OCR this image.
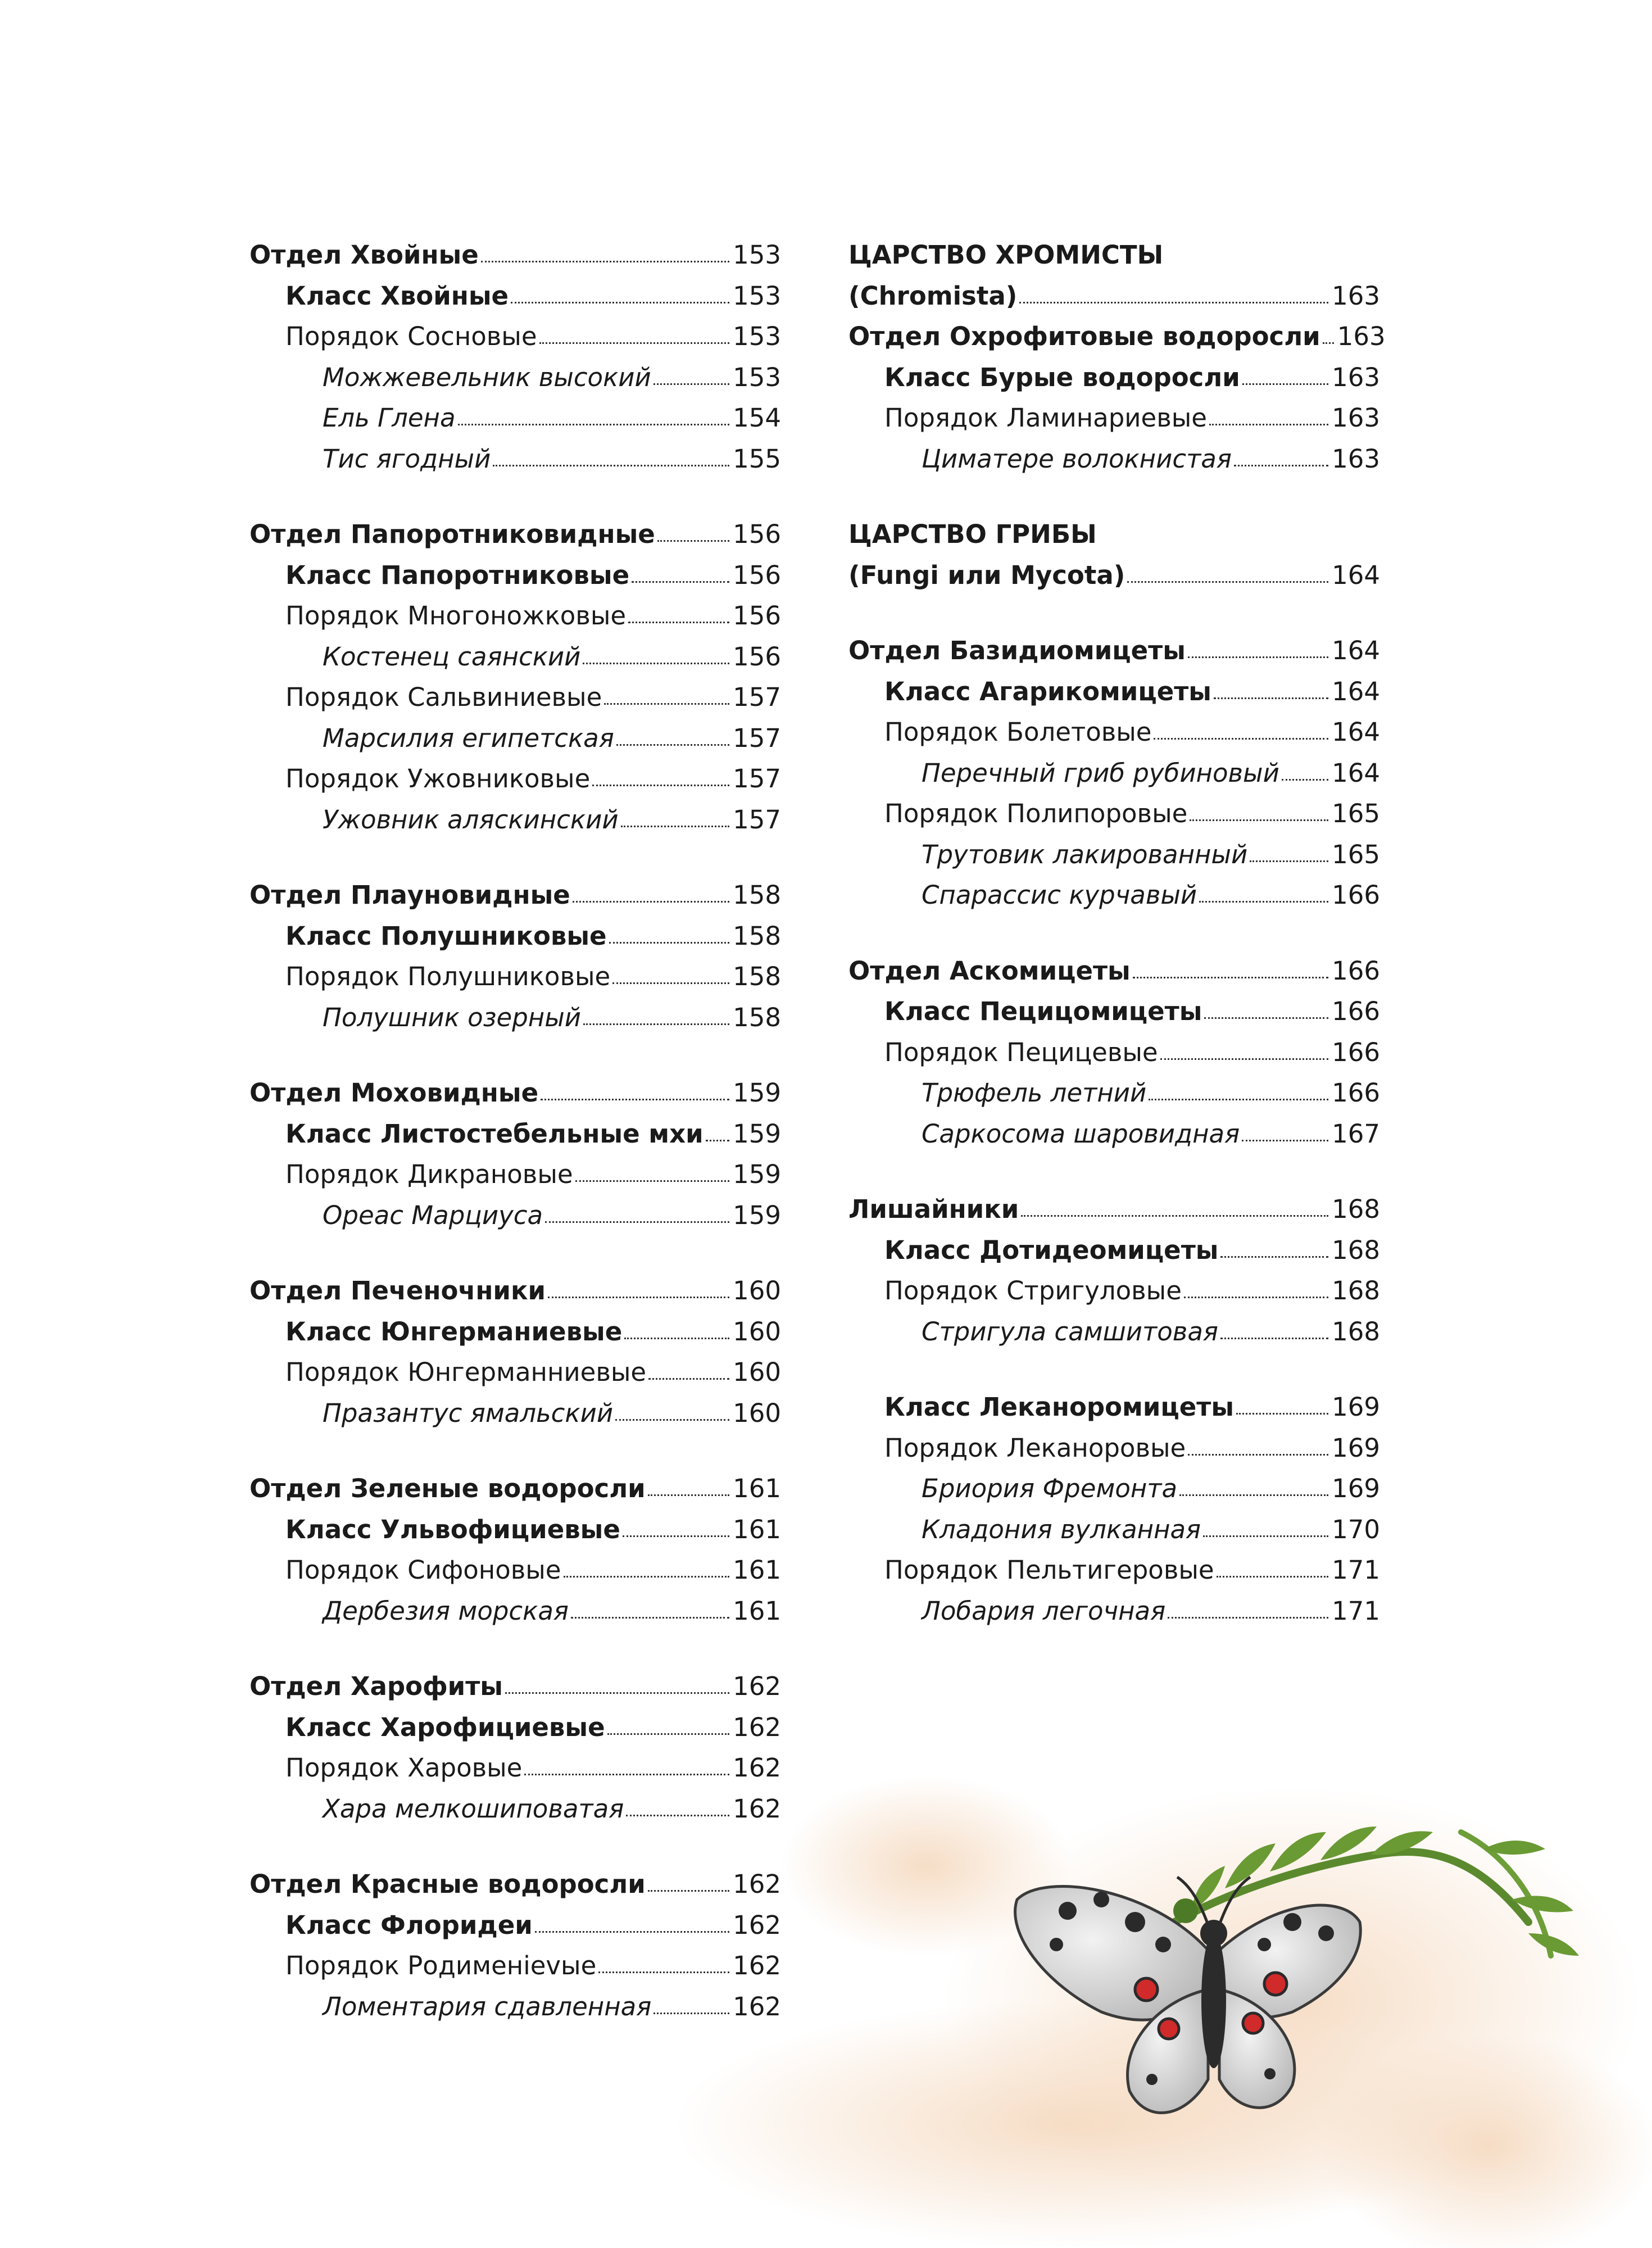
Отдел Хвойные	153
Класс Хвойные	153
Порядок Сосновые	153
Можжевельник высокий	153
Ель Глена	154
Тис ягодный	155
Отдел Папоротниковидные	156
Класс Папоротниковые	156
Порядок Многоножковые	156
Костенец саянский	156
Порядок Сальвиниевые	157
Марсилия египетская	157
Порядок Ужовниковые	157
Ужовник аляскинский	157
Отдел Плауновидные	158
Класс Полушниковые	158
Порядок Полушниковые	158
Полушник озерный	158
Отдел Моховидные	159
Класс Листостебельные мхи 159
Порядок Дикрановые	159
Ореас Марциуса	159
Отдел Печеночники	160
Класс Юнгерманиевые	160
Порядок Юнгерманниевые	160
Празантус ямальский	160
Отдел Зеленые водоросли	161
Класс Ульвофициевые	161
Порядок Сифоновые	161
Дербезия морская	161
Отдел Харофиты	162
Класс Харофициевые	162
Порядок Харовые	162
Хара мелкошиповатая	162
Отдел Красные водоросли	162
Класс Флоридеи	162
Порядок Родименievые	162
Ломентария сдавленная	162
ЦАРСТВО ХРОМИСТЫ
(Chromista)	163
Отдел Охрофитовые водоросли 163
Класс Бурые водоросли	163
Порядок Ламинариевые	163
Циматере волокнистая	163
ЦАРСТВО ГРИБЫ
(Fungi или Mycota)	164
Отдел Базидиомицеты	164
Класс Агарикомицеты	164
Порядок Болетовые	164
Перечный гриб рубиновый 164
Порядок Полипоровые	165
Трутовик лакированный	165
Спарассис курчавый	166
Отдел Аскомицеты	166
Класс Пецицомицеты	166
Порядок Пецицевые	166
Трюфель летний	166
Саркосома шаровидная	167
Лишайники	168
Класс Дотидеомицеты	168
Порядок Стригуловые	168
Стригула самшитовая	168
Класс Леканоромицеты	169
Порядок Леканоровые	169
Бриория Фремонта	169
Кладония вулканная	170
Порядок Пельтигеровые	171
Лобария легочная	171
